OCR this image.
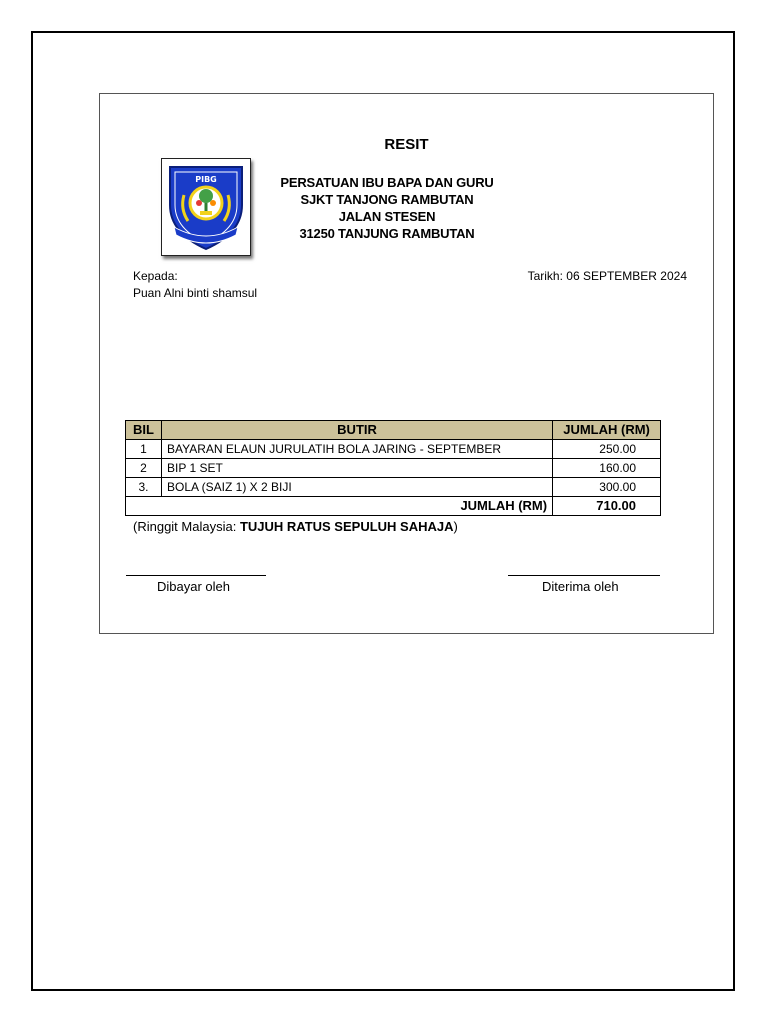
RESIT
PIBG	PERSATUAN IBU BAPA DAN GURU
SJKT TANJONG RAMBUTAN
JALAN STESEN
31250 TANJUNG RAMBUTAN
Kepada:
Puan Alni binti shamsul
Tarikh: 06 SEPTEMBER 2024
BIL	BUTIR	JUMLAH (RM)
1	BAYARAN ELAUN JURULATIH BOLA JARING - SEPTEMBER	250.00
2	BIP 1 SET	160.00
3.	BOLA (SAIZ 1) X 2 BIJI	300.00
JUMLAH (RM)		710.00
(Ringgit Malaysia: TUJUH RATUS SEPULUH SAHAJA)
Dibayar oleh	Diterima oleh
